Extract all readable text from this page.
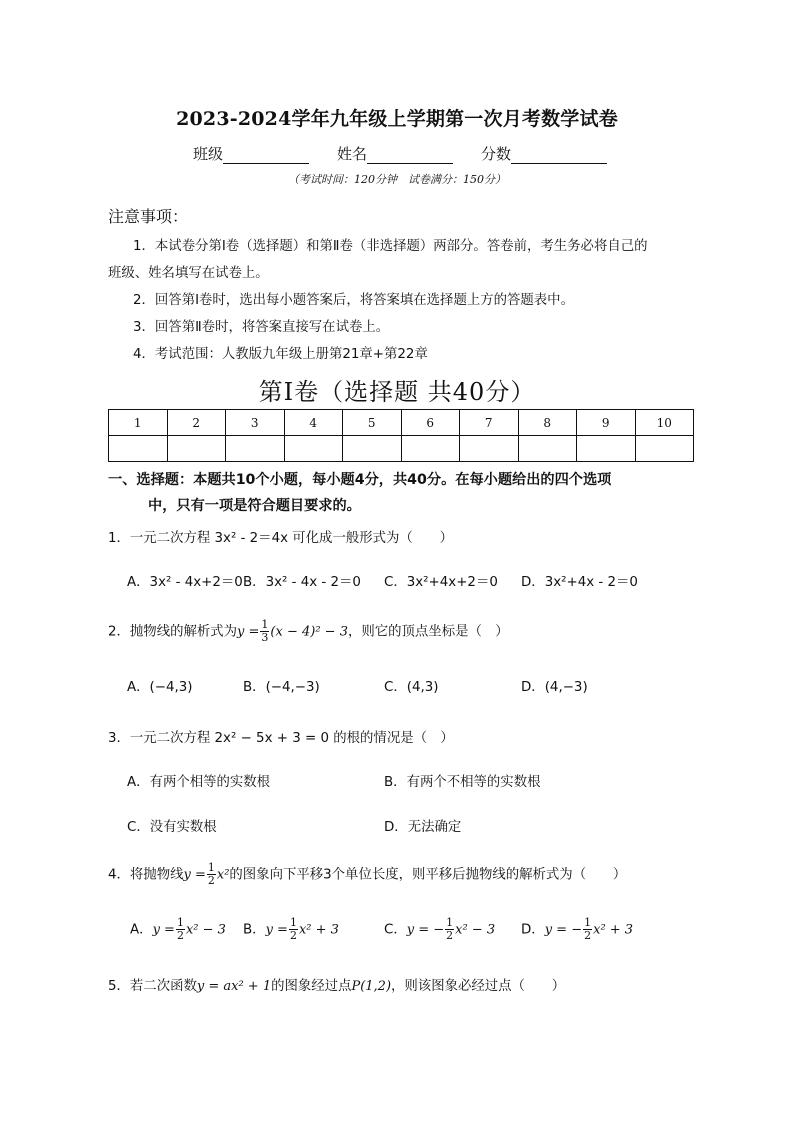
2023-2024学年九年级上学期第一次月考数学试卷
班级	姓名	分数
（考试时间：120分钟　试卷满分：150分）
注意事项：
1．本试卷分第Ⅰ卷（选择题）和第Ⅱ卷（非选择题）两部分。答卷前，考生务必将自己的
班级、姓名填写在试卷上。
2．回答第Ⅰ卷时，选出每小题答案后，将答案填在选择题上方的答题表中。
3．回答第Ⅱ卷时，将答案直接写在试卷上。
4．考试范围：人教版九年级上册第21章+第22章
第Ⅰ卷（选择题 共40分）
1	2	3	4	5	6	7	8	9	10

一、选择题：本题共10个小题，每小题4分，共40分。在每小题给出的四个选项
中，只有一项是符合题目要求的。
1．一元二次方程 3x² - 2＝4x 可化成一般形式为（　　）
A．3x² - 4x+2＝0 B．3x² - 4x - 2＝0 C．3x²+4x+2＝0 D．3x²+4x - 2＝0
2．抛物线的解析式为$y = \frac{1}{3} (x - 4)^2 - 3$，则它的顶点坐标是（　）
A．(−4,3)	B．(−4,−3)	C．(4,3)	D．(4,−3)
3．一元二次方程 2x² − 5x + 3 = 0 的根的情况是（　）
A．有两个相等的实数根	B．有两个不相等的实数根
C．没有实数根	D．无法确定
4．将抛物线$y = \frac{1}{2} x^2$的图象向下平移3个单位长度，则平移后抛物线的解析式为（　　）
A．$y = \frac{1}{2} x^2 - 3$ B．$y = \frac{1}{2} x^2 + 3$	C．y = − $\frac{1}{2} x^2 - 3$ D．y = − $\frac{1}{2} x^2 + 3$
5．若二次函数y = ax² + 1的图象经过点P(1,2)，则该图象必经过点（　　）
